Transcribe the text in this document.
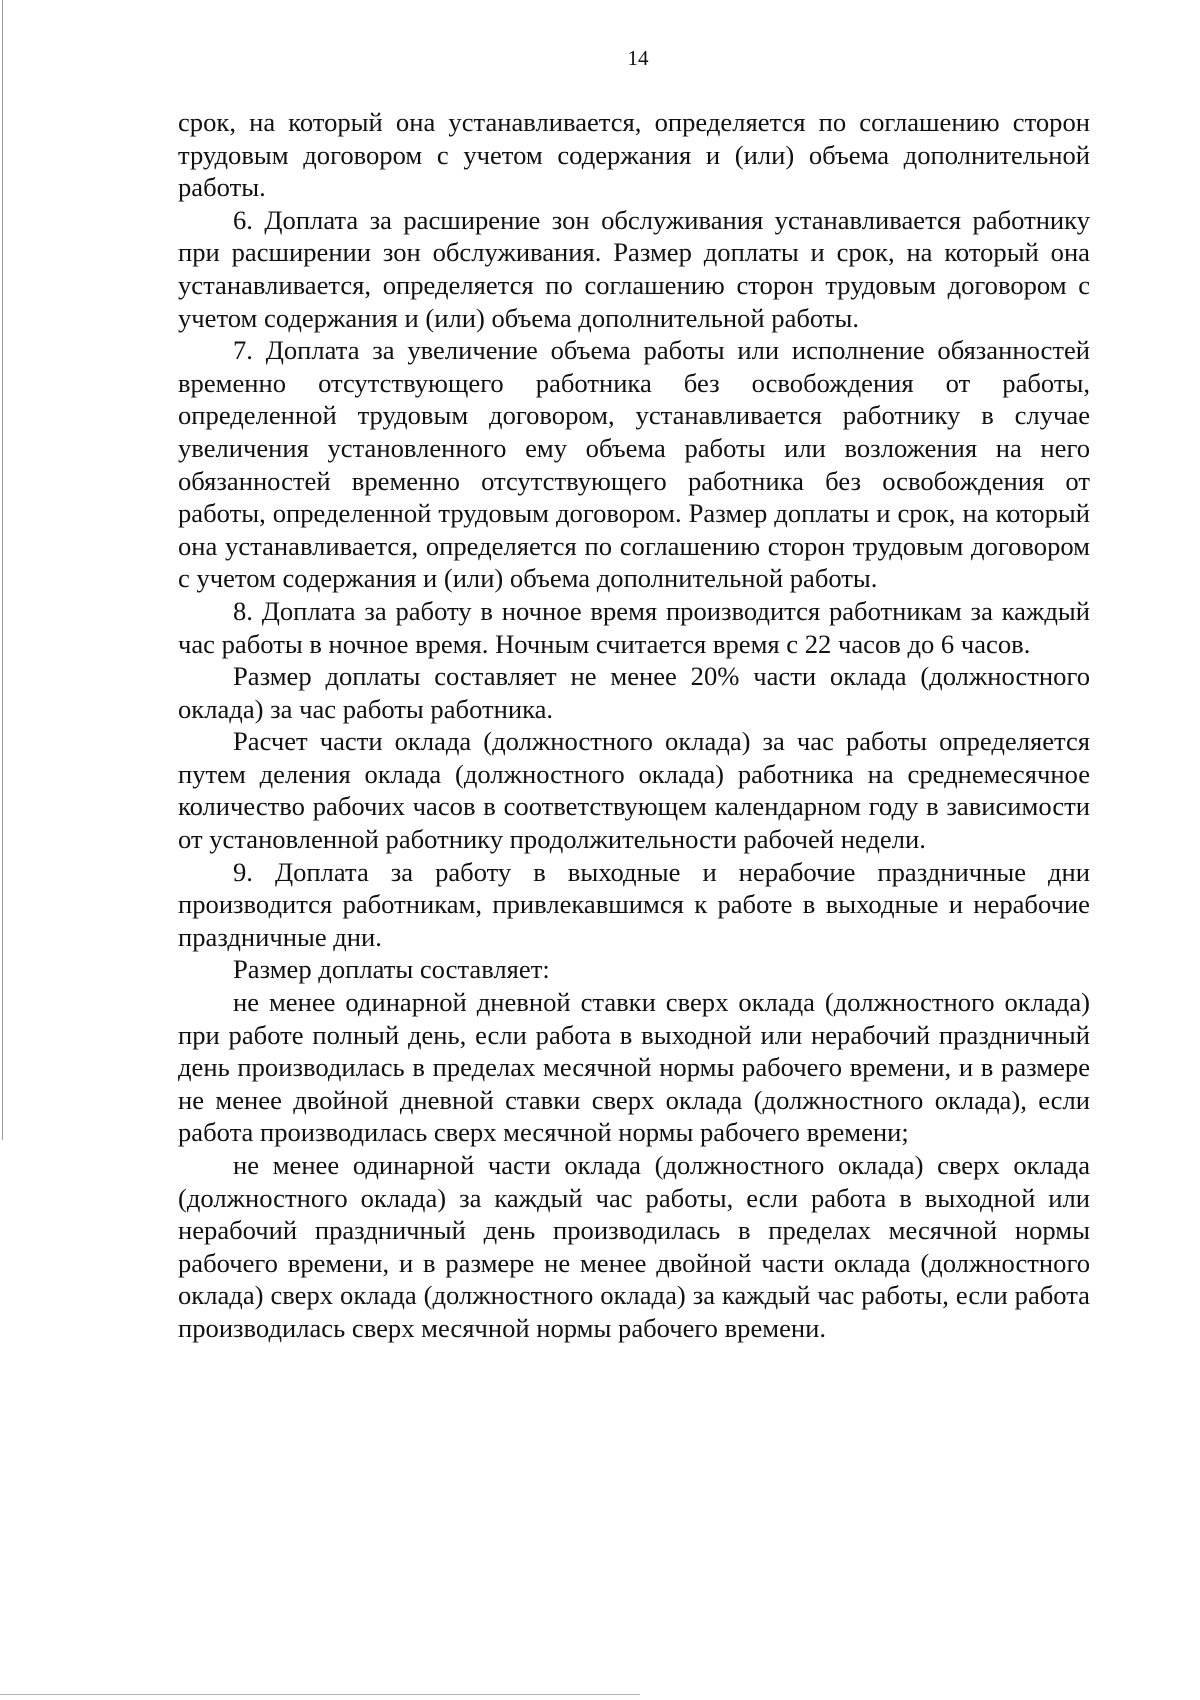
14

срок, на который она устанавливается, определяется по соглашению сторон трудовым договором с учетом содержания и (или) объема дополнительной работы.

6. Доплата за расширение зон обслуживания устанавливается работнику при расширении зон обслуживания. Размер доплаты и срок, на который она устанавливается, определяется по соглашению сторон трудовым договором с учетом содержания и (или) объема дополнительной работы.

7. Доплата за увеличение объема работы или исполнение обязанностей временно отсутствующего работника без освобождения от работы, определенной трудовым договором, устанавливается работнику в случае увеличения установленного ему объема работы или возложения на него обязанностей временно отсутствующего работника без освобождения от работы, определенной трудовым договором. Размер доплаты и срок, на который она устанавливается, определяется по соглашению сторон трудовым договором с учетом содержания и (или) объема дополнительной работы.

8. Доплата за работу в ночное время производится работникам за каждый час работы в ночное время. Ночным считается время с 22 часов до 6 часов.

Размер доплаты составляет не менее 20% части оклада (должностного оклада) за час работы работника.

Расчет части оклада (должностного оклада) за час работы определяется путем деления оклада (должностного оклада) работника на среднемесячное количество рабочих часов в соответствующем календарном году в зависимости от установленной работнику продолжительности рабочей недели.

9. Доплата за работу в выходные и нерабочие праздничные дни производится работникам, привлекавшимся к работе в выходные и нерабочие праздничные дни.

Размер доплаты составляет:

не менее одинарной дневной ставки сверх оклада (должностного оклада) при работе полный день, если работа в выходной или нерабочий праздничный день производилась в пределах месячной нормы рабочего времени, и в размере не менее двойной дневной ставки сверх оклада (должностного оклада), если работа производилась сверх месячной нормы рабочего времени;

не менее одинарной части оклада (должностного оклада) сверх оклада (должностного оклада) за каждый час работы, если работа в выходной или нерабочий праздничный день производилась в пределах месячной нормы рабочего времени, и в размере не менее двойной части оклада (должностного оклада) сверх оклада (должностного оклада) за каждый час работы, если работа производилась сверх месячной нормы рабочего времени.
